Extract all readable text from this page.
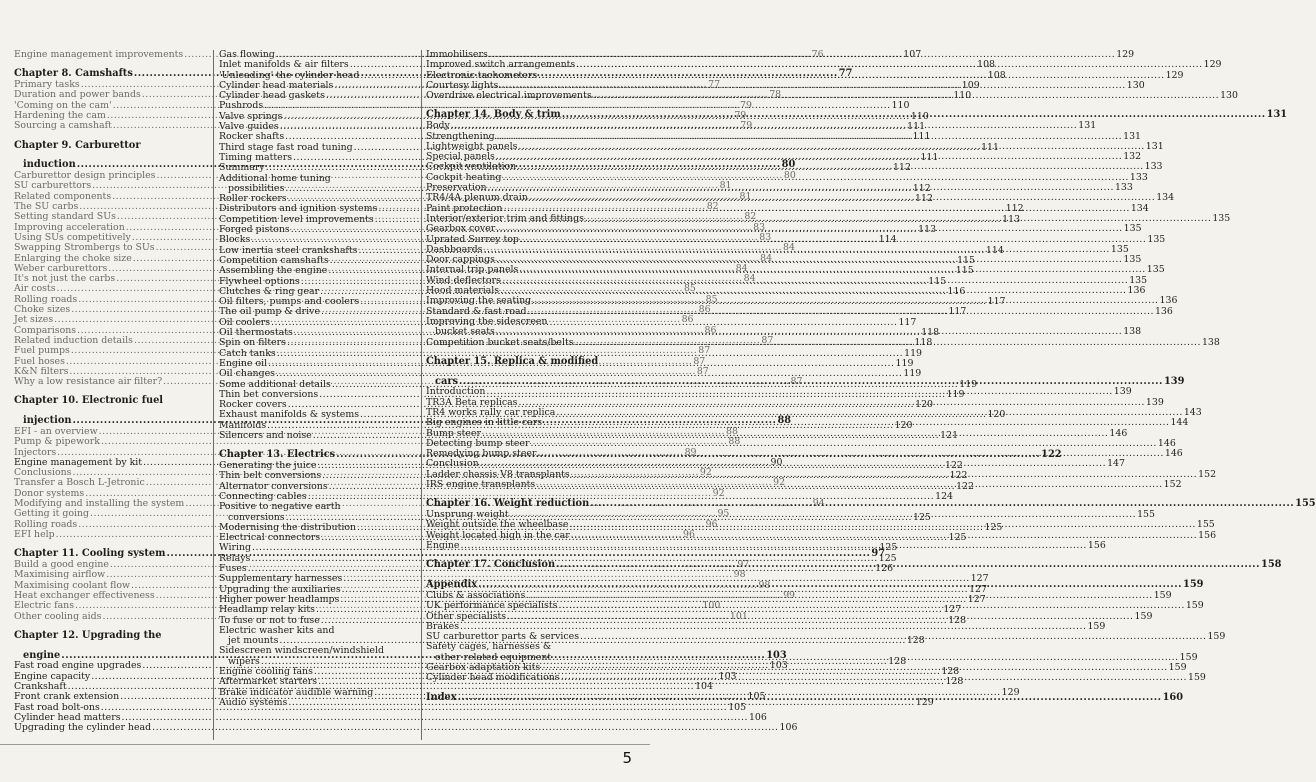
Engine management improvements .....	76
Chapter 8. Camshafts .....	77
Primary tasks .....	77
Duration and power bands .....	78
'Coming on the cam' .....	79
Hardening the cam .....	79
Sourcing a camshaft .....	79
Chapter 9. Carburettor
induction .....	80
Carburettor design principles .....	80
SU carburettors .....	81
Related components .....	81
The SU carbs .....	82
Setting standard SUs .....	82
Improving acceleration .....	83
Using SUs competitively .....	83
Swapping Strombergs to SUs .....	84
Enlarging the choke size .....	84
Weber carburettors .....	84
It's not just the carbs .....	84
Air costs .....	85
Rolling roads .....	85
Choke sizes .....	86
Jet sizes .....	86
Comparisons .....	86
Related induction details .....	87
Fuel pumps .....	87
Fuel hoses .....	87
K&N filters .....	87
Why a low resistance air filter? .....	87
Chapter 10. Electronic fuel
injection .....	88
EFI - an overview .....	88
Pump & pipework .....	88
Injectors .....	89
Engine management by kit .....	90
Conclusions .....	92
Transfer a Bosch L-Jetronic .....	92
Donor systems .....	92
Modifying and installing the system .....	94
Getting it going .....	95
Rolling roads .....	96
EFI help .....	96
Chapter 11. Cooling system .....	97
Build a good engine .....	97
Maximising airflow .....	98
Maximising coolant flow .....	98
Heat exchanger effectiveness .....	99
Electric fans .....	100
Other cooling aids .....	101
Chapter 12. Upgrading the
engine .....	103
Fast road engine upgrades .....	103
Engine capacity .....	103
Crankshaft .....	104
Front crank extension .....	105
Fast road bolt-ons .....	105
Cylinder head matters .....	106
Upgrading the cylinder head .....	106
Gas flowing .....	107
Inlet manifolds & air filters .....	108
'Unleading' the cylinder head .....	108
Cylinder head materials .....	109
Cylinder head gaskets .....	110
Pushrods .....	110
Valve springs .....	110
Valve guides .....	111
Rocker shafts .....	111
Third stage fast road tuning .....	111
Timing matters .....	111
Summary .....	112
Additional home tuning
possibilities .....	112
Roller rockers .....	112
Distributors and ignition systems .....	112
Competition level improvements .....	113
Forged pistons .....	113
Blocks .....	114
Low inertia steel crankshafts .....	114
Competition camshafts .....	115
Assembling the engine .....	115
Flywheel options .....	115
Clutches & ring gear .....	116
Oil filters, pumps and coolers .....	117
The oil pump & drive .....	117
Oil coolers .....	117
Oil thermostats .....	118
Spin on filters .....	118
Catch tanks .....	119
Engine oil .....	119
Oil changes .....	119
Some additional details .....	119
Thin bet conversions .....	119
Rocker covers .....	120
Exhaust manifolds & systems .....	120
Manifolds .....	120
Silencers and noise .....	121
Chapter 13. Electrics .....	122
Generating the juice .....	122
Thin belt conversions .....	122
Alternator conversions .....	122
Connecting cables .....	124
Positive to negative earth
conversions .....	125
Modernising the distribution .....	125
Electrical connectors .....	125
Wiring .....	125
Relays .....	125
Fuses .....	126
Supplementary harnesses .....	127
Upgrading the auxiliaries .....	127
Higher power headlamps .....	127
Headlamp relay kits .....	127
To fuse or not to fuse .....	128
Electric washer kits and
jet mounts .....	128
Sidescreen windscreen/windshield
wipers .....	128
Engine cooling fans .....	128
Aftermarket starters .....	128
Brake indicator audible warning .....	129
Audio systems .....	129
Immobilisers .....	129
Improved switch arrangements .....	129
Electronic tachometers .....	129
Courtesy lights .....	130
Overdrive electrical improvements .....	130
Chapter 14. Body & trim .....	131
Body .....	131
Strengthening .....	131
Lightweight panels .....	131
Special panels .....	132
Cockpit ventilation .....	133
Cockpit heating .....	133
Preservation .....	133
TR4/4A plenum drain .....	134
Paint protection .....	134
Interior/exterior trim and fittings .....	135
Gearbox cover .....	135
Uprated Surrey top .....	135
Dashboards .....	135
Door cappings .....	135
Internal trip panels .....	135
Wind deflectors .....	135
Hood materials .....	136
Improving the seating .....	136
Standard & fast road .....	136
Improving the sidescreen
bucket seats .....	138
Competition bucket seats/belts .....	138
Chapter 15. Replica & modified
cars .....	139
Introduction .....	139
TR3A Beta replicas .....	139
TR4 works rally car replica .....	143
Big engines in little cars .....	144
Bump steer .....	146
Detecting bump steer .....	146
Remedying bump steer .....	146
Conclusion .....	147
Ladder chassis V8 transplants .....	152
IRS engine transplants .....	152
Chapter 16. Weight reduction .....	155
Unsprung weight .....	155
Weight outside the wheelbase .....	155
Weight located high in the car .....	156
Engine .....	156
Chapter 17. Conclusion .....	158
Appendix .....	159
Clubs & associations .....	159
UK performance specialists .....	159
Other specialists .....	159
Brakes .....	159
SU carburettor parts & services .....	159
Safety cages, harnesses &
other related equipment .....	159
Gearbox adaptation kits .....	159
Cylinder head modifications .....	159
Index .....	160
5
